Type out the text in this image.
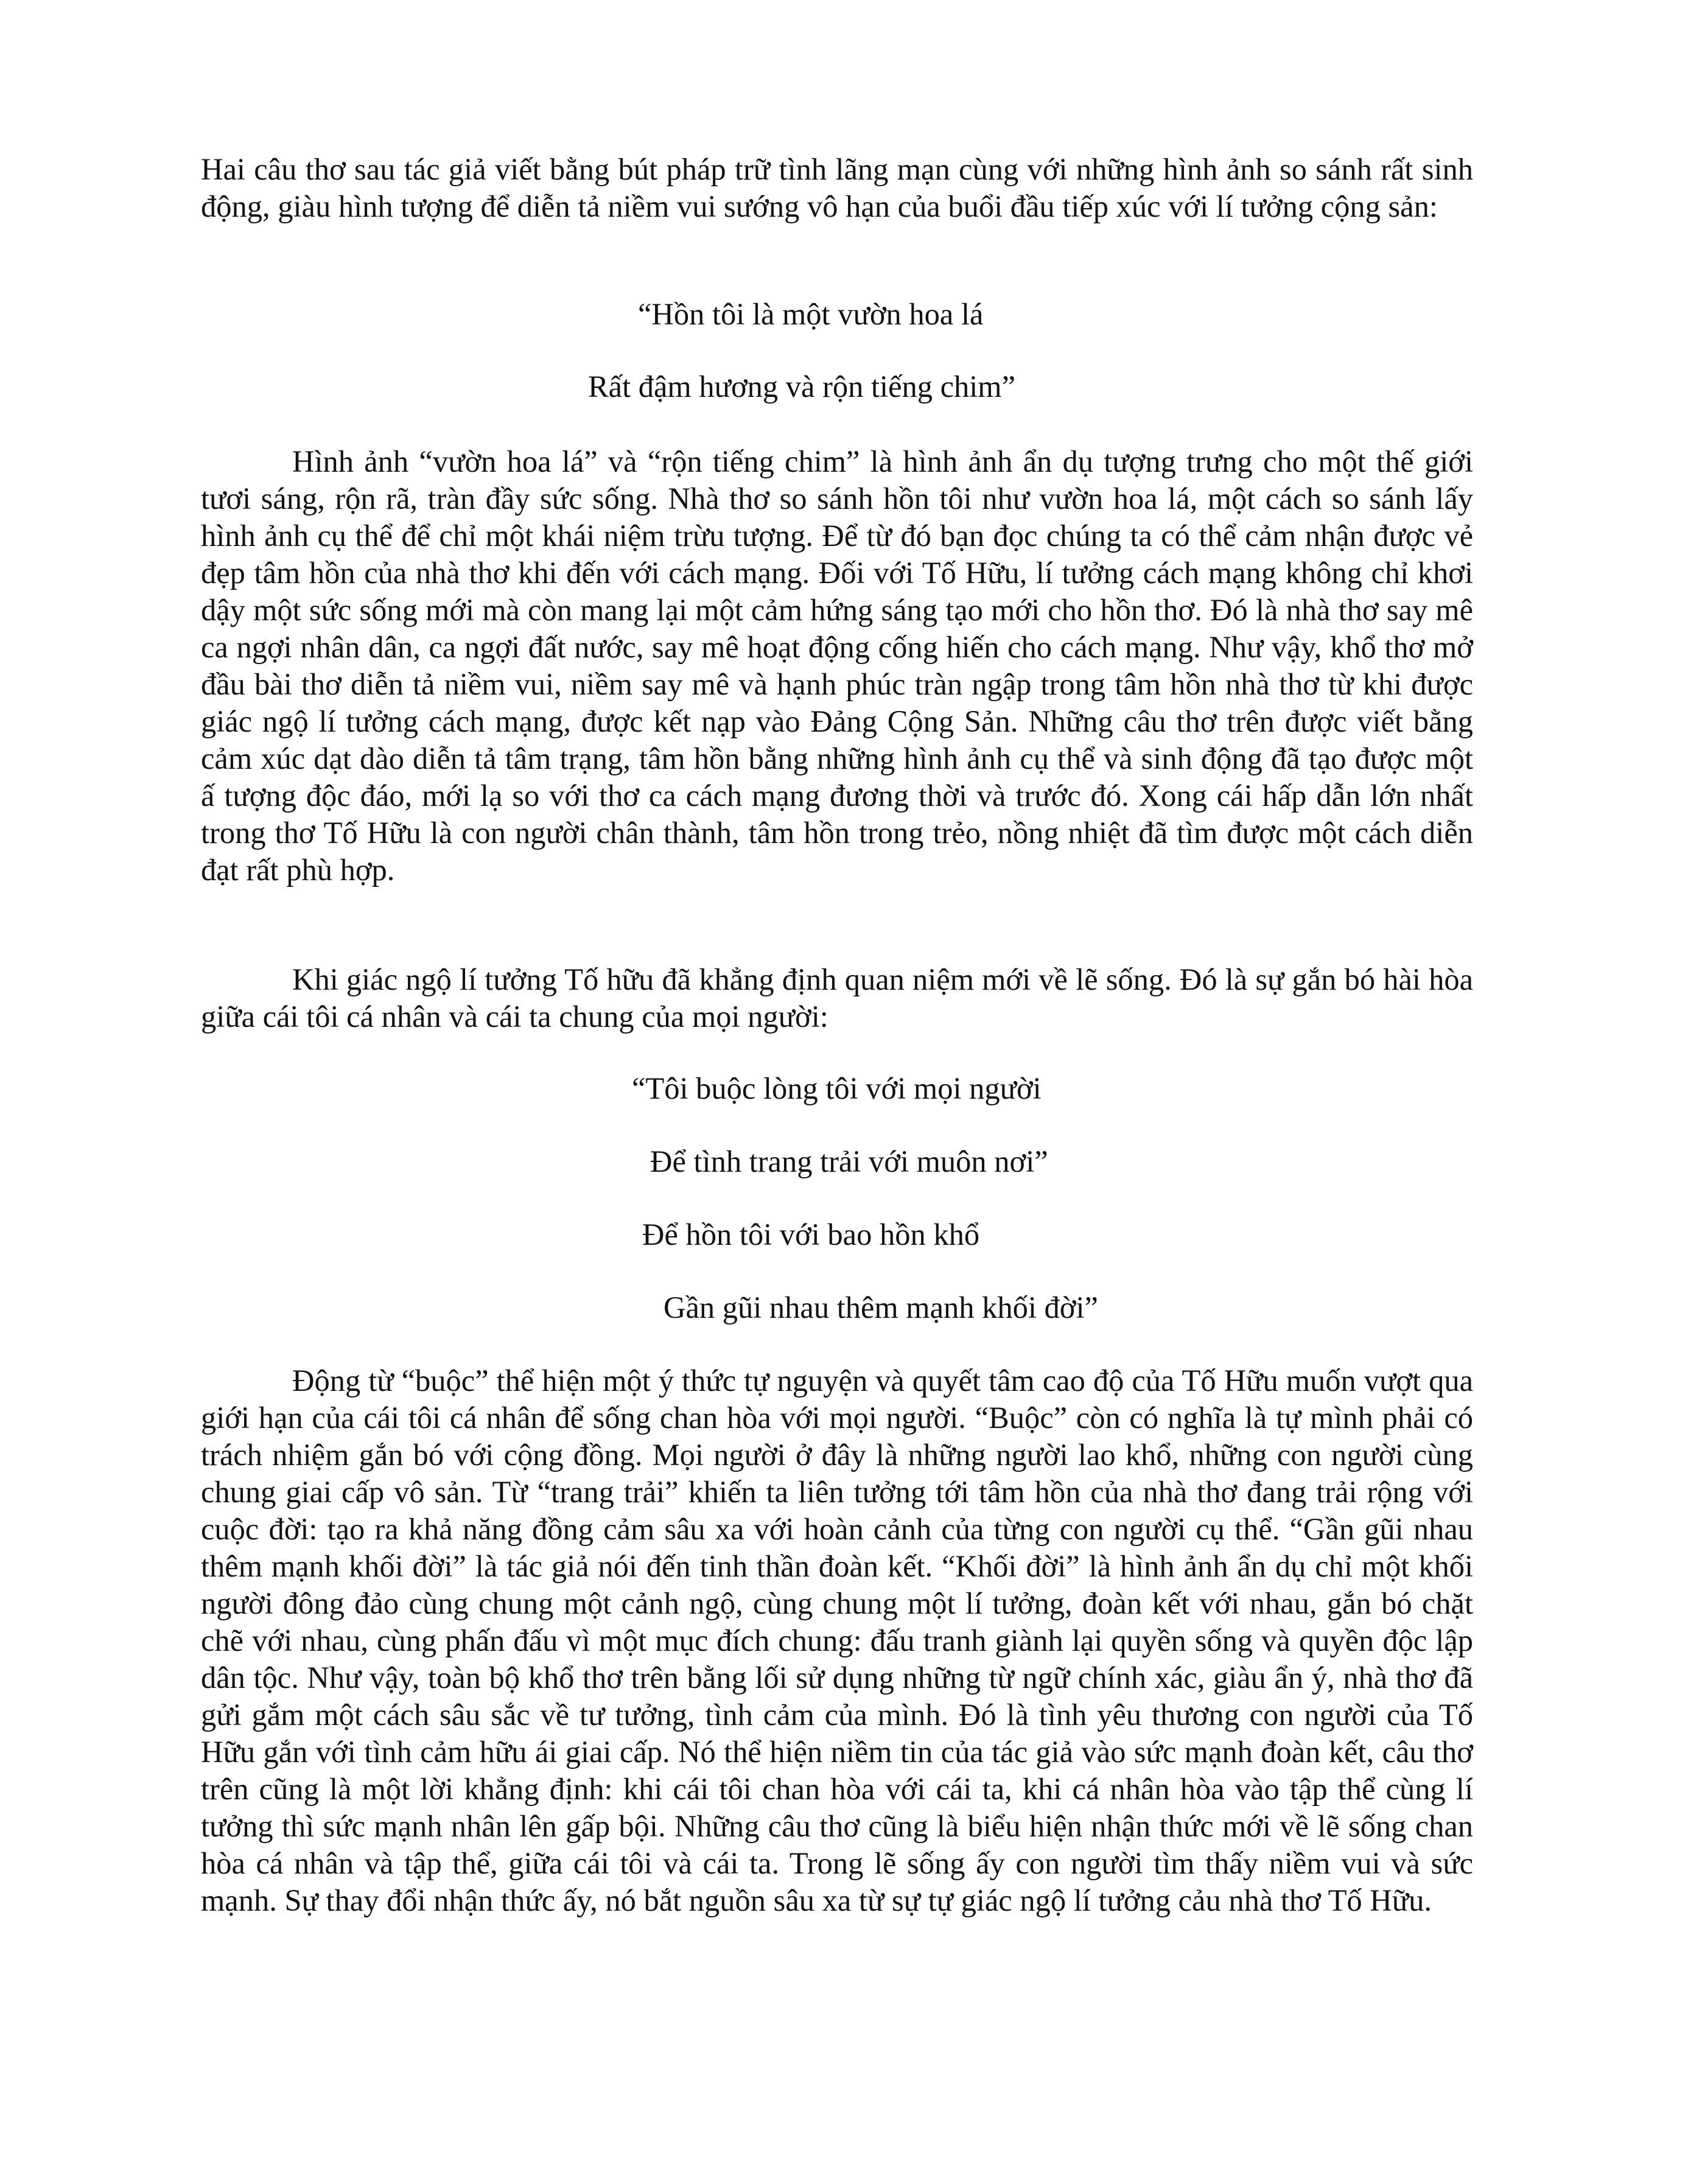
Hai câu thơ sau tác giả viết bằng bút pháp trữ tình lãng mạn cùng với những hình ảnh so sánh rất sinh động, giàu hình tượng để diễn tả niềm vui sướng vô hạn của buổi đầu tiếp xúc với lí tưởng cộng sản:

“Hồn tôi là một vườn hoa lá

Rất đậm hương và rộn tiếng chim”

Hình ảnh “vườn hoa lá” và “rộn tiếng chim” là hình ảnh ẩn dụ tượng trưng cho một thế giới tươi sáng, rộn rã, tràn đầy sức sống. Nhà thơ so sánh hồn tôi như vườn hoa lá, một cách so sánh lấy hình ảnh cụ thể để chỉ một khái niệm trừu tượng. Để từ đó bạn đọc chúng ta có thể cảm nhận được vẻ đẹp tâm hồn của nhà thơ khi đến với cách mạng. Đối với Tố Hữu, lí tưởng cách mạng không chỉ khơi dậy một sức sống mới mà còn mang lại một cảm hứng sáng tạo mới cho hồn thơ. Đó là nhà thơ say mê ca ngợi nhân dân, ca ngợi đất nước, say mê hoạt động cống hiến cho cách mạng. Như vậy, khổ thơ mở đầu bài thơ diễn tả niềm vui, niềm say mê và hạnh phúc tràn ngập trong tâm hồn nhà thơ từ khi được giác ngộ lí tưởng cách mạng, được kết nạp vào Đảng Cộng Sản. Những câu thơ trên được viết bằng cảm xúc dạt dào diễn tả tâm trạng, tâm hồn bằng những hình ảnh cụ thể và sinh động đã tạo được một ấ tượng độc đáo, mới lạ so với thơ ca cách mạng đương thời và trước đó. Xong cái hấp dẫn lớn nhất trong thơ Tố Hữu là con người chân thành, tâm hồn trong trẻo, nồng nhiệt đã tìm được một cách diễn đạt rất phù hợp.

Khi giác ngộ lí tưởng Tố hữu đã khẳng định quan niệm mới về lẽ sống. Đó là sự gắn bó hài hòa giữa cái tôi cá nhân và cái ta chung của mọi người:

“Tôi buộc lòng tôi với mọi người

Để tình trang trải với muôn nơi”

Để hồn tôi với bao hồn khổ

Gần gũi nhau thêm mạnh khối đời”

Động từ “buộc” thể hiện một ý thức tự nguyện và quyết tâm cao độ của Tố Hữu muốn vượt qua giới hạn của cái tôi cá nhân để sống chan hòa với mọi người. “Buộc” còn có nghĩa là tự mình phải có trách nhiệm gắn bó với cộng đồng. Mọi người ở đây là những người lao khổ, những con người cùng chung giai cấp vô sản. Từ “trang trải” khiến ta liên tưởng tới tâm hồn của nhà thơ đang trải rộng với cuộc đời: tạo ra khả năng đồng cảm sâu xa với hoàn cảnh của từng con người cụ thể. “Gần gũi nhau thêm mạnh khối đời” là tác giả nói đến tinh thần đoàn kết. “Khối đời” là hình ảnh ẩn dụ chỉ một khối người đông đảo cùng chung một cảnh ngộ, cùng chung một lí tưởng, đoàn kết với nhau, gắn bó chặt chẽ với nhau, cùng phấn đấu vì một mục đích chung: đấu tranh giành lại quyền sống và quyền độc lập dân tộc. Như vậy, toàn bộ khổ thơ trên bằng lối sử dụng những từ ngữ chính xác, giàu ẩn ý, nhà thơ đã gửi gắm một cách sâu sắc về tư tưởng, tình cảm của mình. Đó là tình yêu thương con người của Tố Hữu gắn với tình cảm hữu ái giai cấp. Nó thể hiện niềm tin của tác giả vào sức mạnh đoàn kết, câu thơ trên cũng là một lời khẳng định: khi cái tôi chan hòa với cái ta, khi cá nhân hòa vào tập thể cùng lí tưởng thì sức mạnh nhân lên gấp bội. Những câu thơ cũng là biểu hiện nhận thức mới về lẽ sống chan hòa cá nhân và tập thể, giữa cái tôi và cái ta. Trong lẽ sống ấy con người tìm thấy niềm vui và sức mạnh. Sự thay đổi nhận thức ấy, nó bắt nguồn sâu xa từ sự tự giác ngộ lí tưởng cảu nhà thơ Tố Hữu.
